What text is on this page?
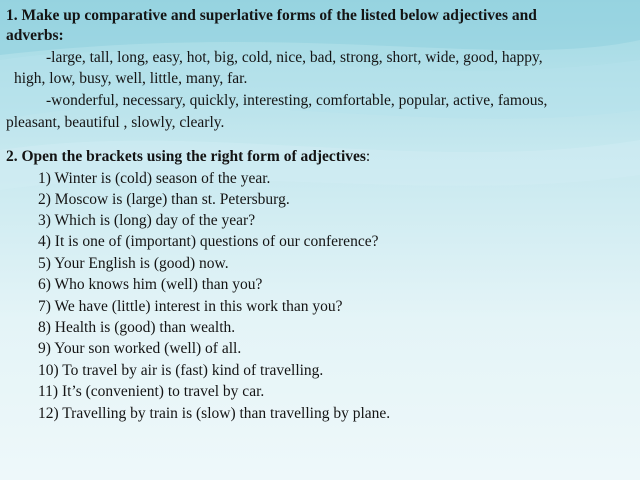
1. Make up comparative and superlative forms of the listed below adjectives and
adverbs:
-large, tall, long, easy, hot, big, cold, nice, bad, strong, short, wide, good, happy,
high, low, busy, well, little, many, far.
-wonderful, necessary, quickly, interesting, comfortable, popular, active, famous,
pleasant, beautiful , slowly, clearly.
2. Open the brackets using the right form of adjectives:
1) Winter is (cold) season of the year.
2) Moscow is (large) than st. Petersburg.
3) Which is (long) day of the year?
4) It is one of (important) questions of our conference?
5) Your English is (good) now.
6) Who knows him (well) than you?
7) We have (little) interest in this work than you?
8) Health is (good) than wealth.
9) Your son worked (well) of all.
10) To travel by air is (fast) kind of travelling.
11) It’s (convenient) to travel by car.
12) Travelling by train is (slow) than travelling by plane.
